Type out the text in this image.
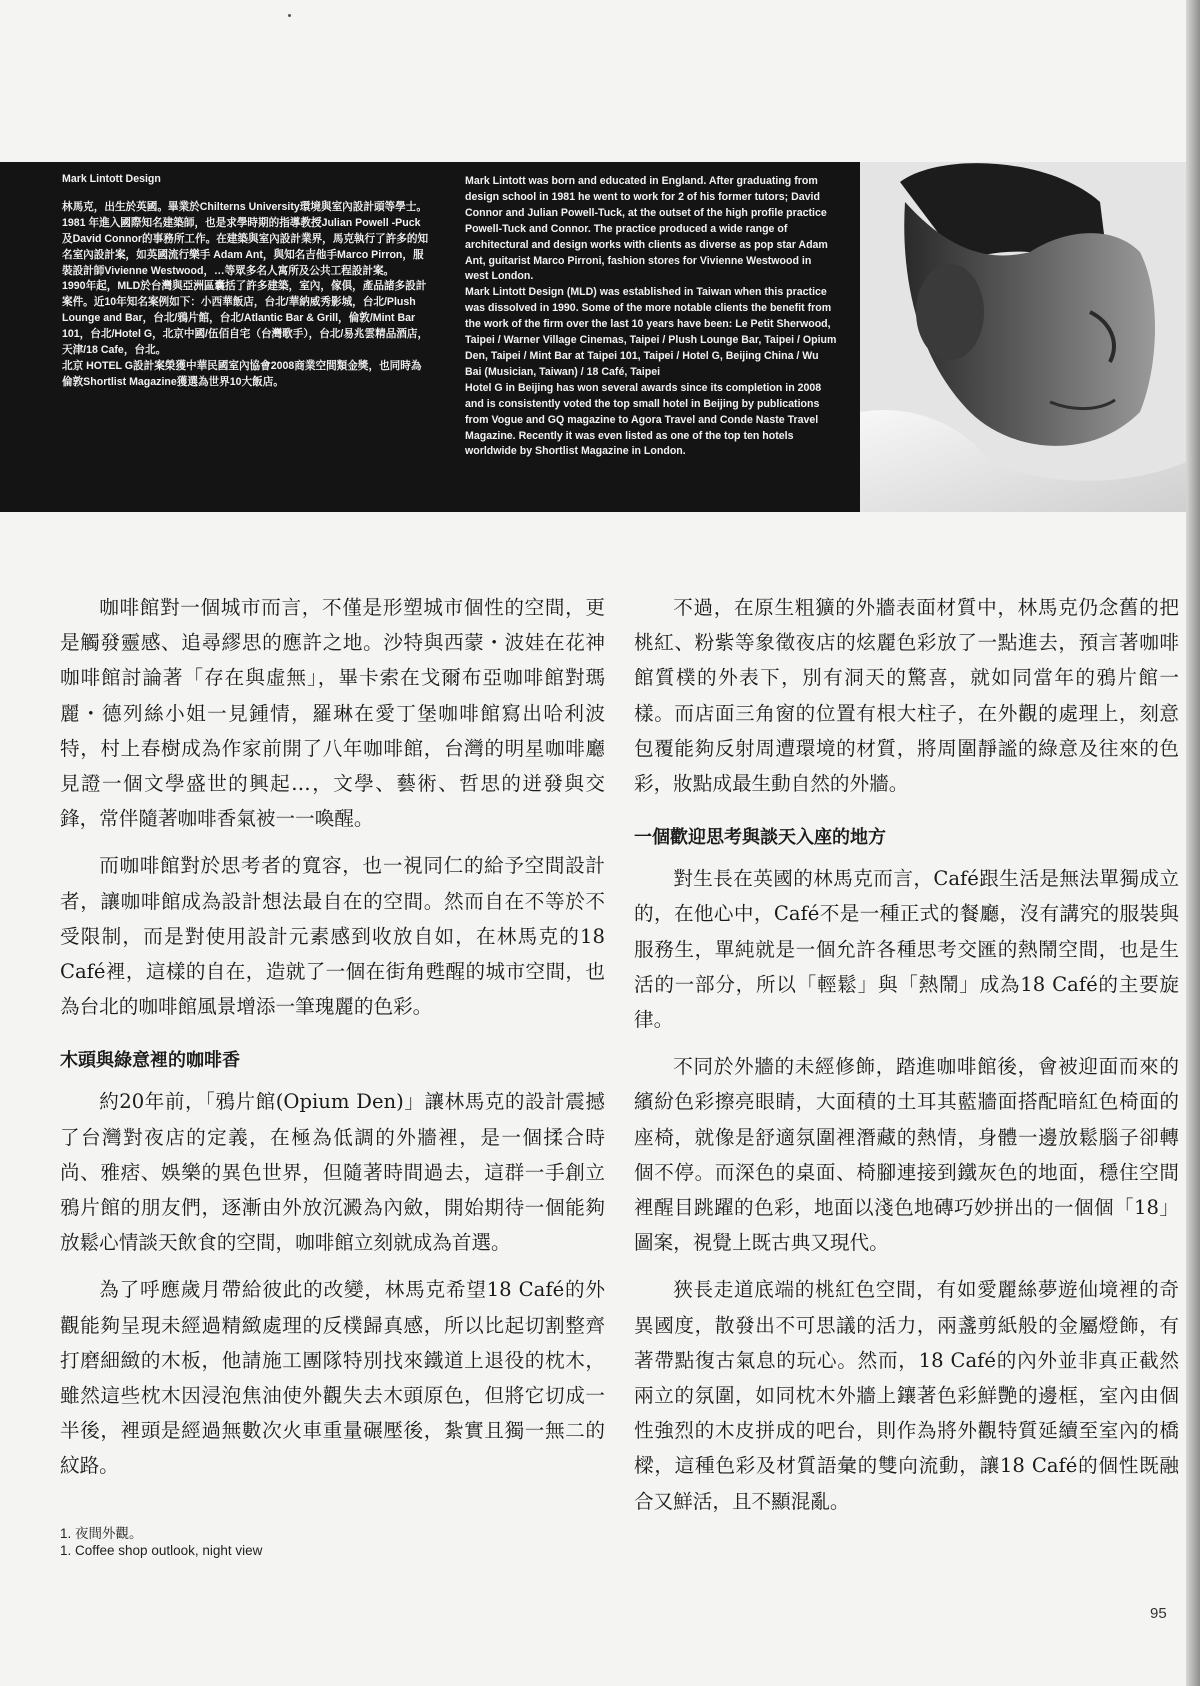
Mark Lintott Design

林馬克，出生於英國。畢業於Chilterns University環境與室內設計頭等學士。 1981 年進入國際知名建築師，也是求學時期的指導教授Julian Powell -Puck及David Connor的事務所工作。在建築與室內設計業界，馬克執行了許多的知名室內設計案，如英國流行樂手 Adam Ant，與知名吉他手Marco Pirron，服裝設計師Vivienne Westwood，…等眾多名人寓所及公共工程設計案。

1990年起，MLD於台灣與亞洲區囊括了許多建築，室內，傢俱，產品諸多設計案件。近10年知名案例如下：小西華飯店，台北/華納威秀影城，台北/Plush Lounge and Bar，台北/鴉片館，台北/Atlantic Bar & Grill，倫敦/Mint Bar 101，台北/Hotel G，北京中國/伍佰自宅（台灣歌手），台北/易兆雲精品酒店，天津/18 Cafe，台北。

北京 HOTEL G設計案榮獲中華民國室內協會2008商業空間類金獎，也同時為倫敦Shortlist Magazine獲選為世界10大飯店。

Mark Lintott was born and educated in England. After graduating from design school in 1981 he went to work for 2 of his former tutors; David Connor and Julian Powell-Tuck, at the outset of the high profile practice Powell-Tuck and Connor. The practice produced a wide range of architectural and design works with clients as diverse as pop star Adam Ant, guitarist Marco Pirroni, fashion stores for Vivienne Westwood in west London.

Mark Lintott Design (MLD) was established in Taiwan when this practice was dissolved in 1990. Some of the more notable clients the benefit from the work of the firm over the last 10 years have been: Le Petit Sherwood, Taipei / Warner Village Cinemas, Taipei / Plush Lounge Bar, Taipei / Opium Den, Taipei / Mint Bar at Taipei 101, Taipei / Hotel G, Beijing China / Wu Bai (Musician, Taiwan) / 18 Café, Taipei

Hotel G in Beijing has won several awards since its completion in 2008 and is consistently voted the top small hotel in Beijing by publications from Vogue and GQ magazine to Agora Travel and Conde Naste Travel Magazine. Recently it was even listed as one of the top ten hotels worldwide by Shortlist Magazine in London.

咖啡館對一個城市而言，不僅是形塑城市個性的空間，更是觸發靈感、追尋繆思的應許之地。沙特與西蒙・波娃在花神咖啡館討論著「存在與虛無」，畢卡索在戈爾布亞咖啡館對瑪麗・德列絲小姐一見鍾情，羅琳在愛丁堡咖啡館寫出哈利波特，村上春樹成為作家前開了八年咖啡館，台灣的明星咖啡廳見證一個文學盛世的興起…，文學、藝術、哲思的迸發與交鋒，常伴隨著咖啡香氣被一一喚醒。

而咖啡館對於思考者的寬容，也一視同仁的給予空間設計者，讓咖啡館成為設計想法最自在的空間。然而自在不等於不受限制，而是對使用設計元素感到收放自如，在林馬克的18 Café裡，這樣的自在，造就了一個在街角甦醒的城市空間，也為台北的咖啡館風景增添一筆瑰麗的色彩。

木頭與綠意裡的咖啡香

約20年前，「鴉片館(Opium Den)」讓林馬克的設計震撼了台灣對夜店的定義，在極為低調的外牆裡，是一個揉合時尚、雅痞、娛樂的異色世界，但隨著時間過去，這群一手創立鴉片館的朋友們，逐漸由外放沉澱為內斂，開始期待一個能夠放鬆心情談天飲食的空間，咖啡館立刻就成為首選。

為了呼應歲月帶給彼此的改變，林馬克希望18 Café的外觀能夠呈現未經過精緻處理的反樸歸真感，所以比起切割整齊打磨細緻的木板，他請施工團隊特別找來鐵道上退役的枕木，雖然這些枕木因浸泡焦油使外觀失去木頭原色，但將它切成一半後，裡頭是經過無數次火車重量碾壓後，紮實且獨一無二的紋路。

不過，在原生粗獷的外牆表面材質中，林馬克仍念舊的把桃紅、粉紫等象徵夜店的炫麗色彩放了一點進去，預言著咖啡館質樸的外表下，別有洞天的驚喜，就如同當年的鴉片館一樣。而店面三角窗的位置有根大柱子，在外觀的處理上，刻意包覆能夠反射周遭環境的材質，將周圍靜謐的綠意及往來的色彩，妝點成最生動自然的外牆。

一個歡迎思考與談天入座的地方

對生長在英國的林馬克而言，Café跟生活是無法單獨成立的，在他心中，Café不是一種正式的餐廳，沒有講究的服裝與服務生，單純就是一個允許各種思考交匯的熱鬧空間，也是生活的一部分，所以「輕鬆」與「熱鬧」成為18 Café的主要旋律。

不同於外牆的未經修飾，踏進咖啡館後，會被迎面而來的繽紛色彩擦亮眼睛，大面積的土耳其藍牆面搭配暗紅色椅面的座椅，就像是舒適氛圍裡潛藏的熱情，身體一邊放鬆腦子卻轉個不停。而深色的桌面、椅腳連接到鐵灰色的地面，穩住空間裡醒目跳躍的色彩，地面以淺色地磚巧妙拼出的一個個「18」圖案，視覺上既古典又現代。

狹長走道底端的桃紅色空間，有如愛麗絲夢遊仙境裡的奇異國度，散發出不可思議的活力，兩盞剪紙般的金屬燈飾，有著帶點復古氣息的玩心。然而，18 Café的內外並非真正截然兩立的氛圍，如同枕木外牆上鑲著色彩鮮艷的邊框，室內由個性強烈的木皮拼成的吧台，則作為將外觀特質延續至室內的橋樑，這種色彩及材質語彙的雙向流動，讓18 Café的個性既融合又鮮活，且不顯混亂。

1. 夜間外觀。
1. Coffee shop outlook, night view
95
